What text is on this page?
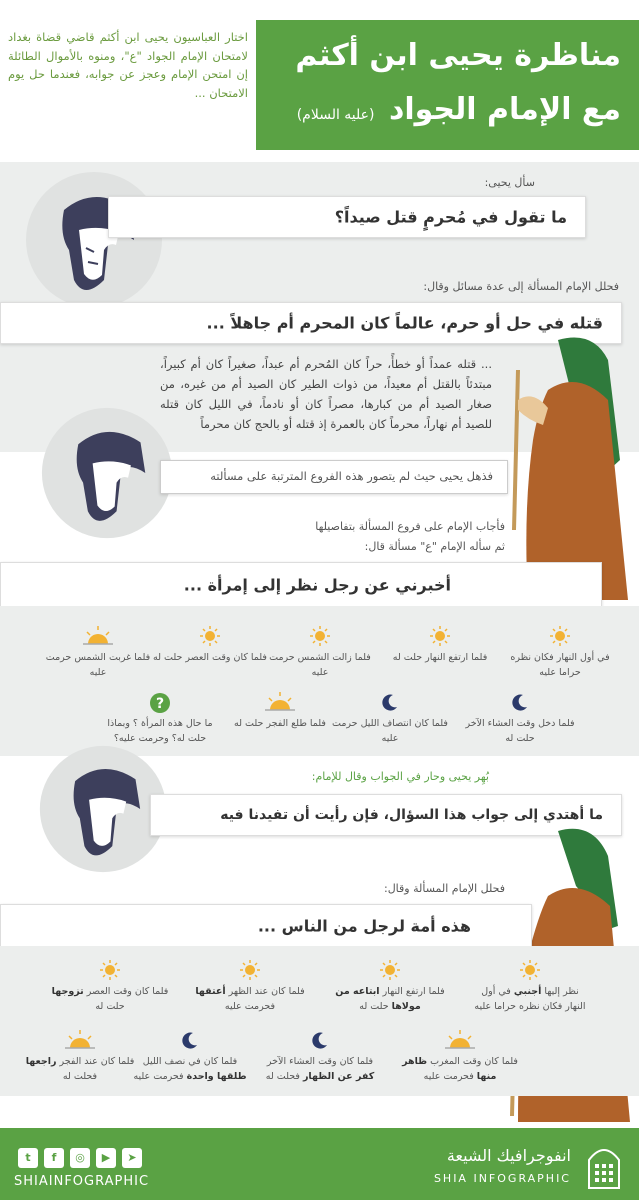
مناظرة يحيى ابن أكثم
مع الإمام الجواد (عليه السلام)
اختار العباسيون يحيى ابن أكثم قاضي قضاة بغداد لامتحان الإمام الجواد "ع"، ومنوه بالأموال الطائلة إن امتحن الإمام وعجز عن جوابه، فعندما حل يوم الامتحان ...
سأل يحيى:
ما تقول في مُحرمٍ قتل صيداً؟
فحلل الإمام المسألة إلى عدة مسائل وقال:
قتله في حل أو حرم، عالماً كان المحرم أم جاهلاً ...
... قتله عمداً أو خطأً، حراً كان المُحرم أم عبداً، صغيراً كان أم كبيراً، مبتدئاً بالقتل أم معيداً، من ذوات الطير كان الصيد أم من غيره، من صغار الصيد أم من كبارها، مصراً كان أو نادماً، في الليل كان قتله للصيد أم نهاراً، محرماً كان بالعمرة إذ قتله أو بالحج كان محرماً
فذهل يحيى حيث لم يتصور هذه الفروع المترتبة على مسألته
فأجاب الإمام على فروع المسألة بتفاصيلها
ثم سأله الإمام "ع" مسألة قال:
أخبرني عن رجل نظر إلى إمرأة ...
في أول النهار فكان نظره حراما عليه
فلما ارتفع النهار حلت له
فلما زالت الشمس حرمت عليه
فلما كان وقت العصر حلت له
فلما غربت الشمس حرمت عليه
فلما دخل وقت العشاء الآخر حلت له
فلما كان انتصاف الليل حرمت عليه
فلما طلع الفجر حلت له
?
ما حال هذه المرأة ؟ وبماذا حلت له؟ وحرمت عليه؟
بُهِر يحيى وحار في الجواب وقال للإمام:
ما أهتدي إلى جواب هذا السؤال، فإن رأيت أن تفيدنا فيه
فحلل الإمام المسألة وقال:
هذه أمة لرجل من الناس ...
نظر إليها أجنبي في أول النهار فكان نظره حراما عليه
فلما ارتفع النهار ابتاعه من مولاها حلت له
فلما كان عند الظهر أعتقها فحرمت عليه
فلما كان وقت العصر تزوجها حلت له
فلما كان وقت المغرب ظاهر منها فحرمت عليه
فلما كان وقت العشاء الآخر كفر عن الظهار فحلت له
فلما كان في نصف الليل طلقها واحدة فحرمت عليه
فلما كان عند الفجر راجعها فحلت له
t	f	◎	▶	➤
SHIAINFOGRAPHIC
انفوجرافيك الشيعة
SHIA INFOGRAPHIC
